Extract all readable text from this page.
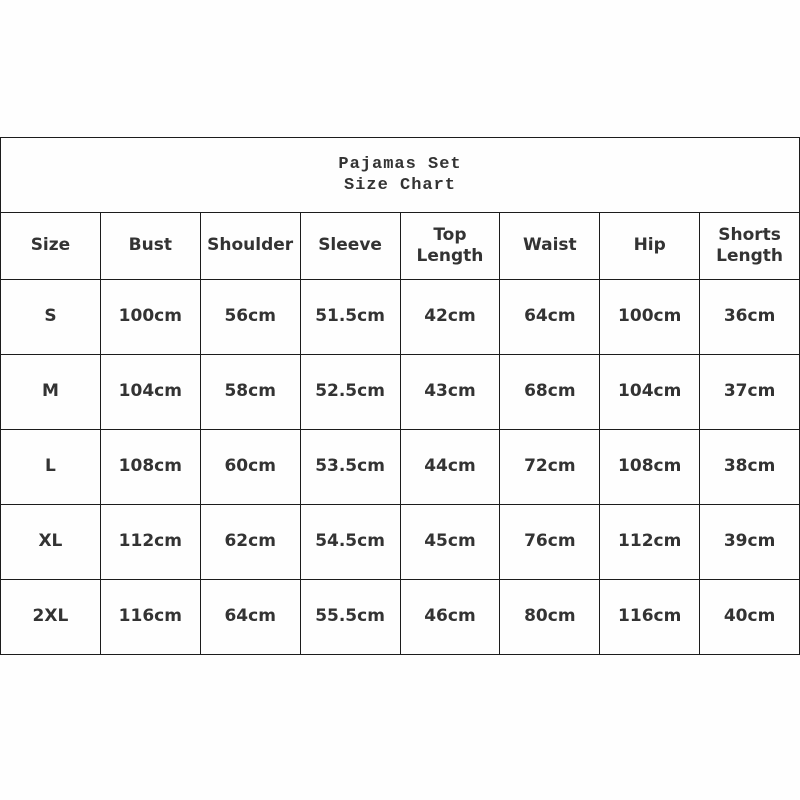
Pajamas Set
Size Chart							

Size	Bust	Shoulder	Sleeve	Top Length	Waist	Hip	Shorts Length
S	100cm	56cm	51.5cm	42cm	64cm	100cm	36cm
M	104cm	58cm	52.5cm	43cm	68cm	104cm	37cm
L	108cm	60cm	53.5cm	44cm	72cm	108cm	38cm
XL	112cm	62cm	54.5cm	45cm	76cm	112cm	39cm
2XL	116cm	64cm	55.5cm	46cm	80cm	116cm	40cm
